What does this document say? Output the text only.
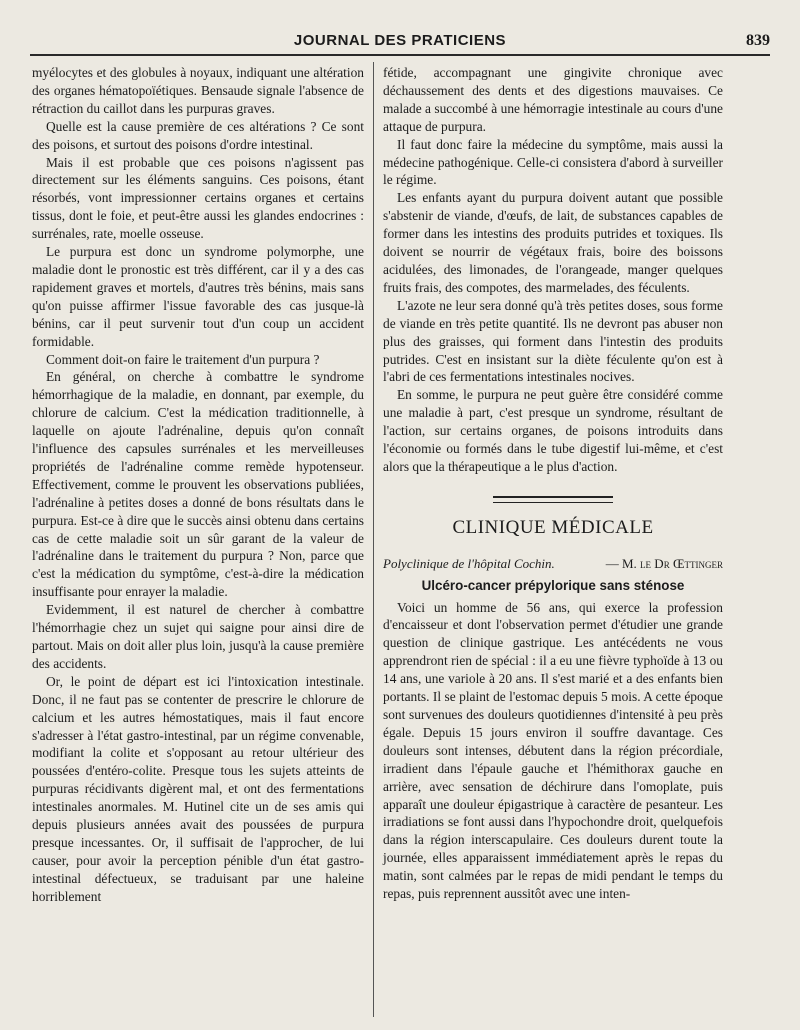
JOURNAL DES PRATICIENS	839

myélocytes et des globules à noyaux, indiquant une altération des organes hématopoïétiques. Bensaude signale l'absence de rétraction du caillot dans les purpuras graves.

Quelle est la cause première de ces altérations ? Ce sont des poisons, et surtout des poisons d'ordre intestinal.

Mais il est probable que ces poisons n'agissent pas directement sur les éléments sanguins. Ces poisons, étant résorbés, vont impressionner certains organes et certains tissus, dont le foie, et peut-être aussi les glandes endocrines : surrénales, rate, moelle osseuse.

Le purpura est donc un syndrome polymorphe, une maladie dont le pronostic est très différent, car il y a des cas rapidement graves et mortels, d'autres très bénins, mais sans qu'on puisse affirmer l'issue favorable des cas jusque-là bénins, car il peut survenir tout d'un coup un accident formidable.

Comment doit-on faire le traitement d'un purpura ?

En général, on cherche à combattre le syndrome hémorrhagique de la maladie, en donnant, par exemple, du chlorure de calcium. C'est la médication traditionnelle, à laquelle on ajoute l'adrénaline, depuis qu'on connaît l'influence des capsules surrénales et les merveilleuses propriétés de l'adrénaline comme remède hypotenseur. Effectivement, comme le prouvent les observations publiées, l'adrénaline à petites doses a donné de bons résultats dans le purpura. Est-ce à dire que le succès ainsi obtenu dans certains cas de cette maladie soit un sûr garant de la valeur de l'adrénaline dans le traitement du purpura ? Non, parce que c'est la médication du symptôme, c'est-à-dire la médication insuffisante pour enrayer la maladie.

Evidemment, il est naturel de chercher à combattre l'hémorrhagie chez un sujet qui saigne pour ainsi dire de partout. Mais on doit aller plus loin, jusqu'à la cause première des accidents.

Or, le point de départ est ici l'intoxication intestinale. Donc, il ne faut pas se contenter de prescrire le chlorure de calcium et les autres hémostatiques, mais il faut encore s'adresser à l'état gastro-intestinal, par un régime convenable, modifiant la colite et s'opposant au retour ultérieur des poussées d'entéro-colite. Presque tous les sujets atteints de purpuras récidivants digèrent mal, et ont des fermentations intestinales anormales. M. Hutinel cite un de ses amis qui depuis plusieurs années avait des poussées de purpura presque incessantes. Or, il suffisait de l'approcher, de lui causer, pour avoir la perception pénible d'un état gastro-intestinal défectueux, se traduisant par une haleine horriblement

fétide, accompagnant une gingivite chronique avec déchaussement des dents et des digestions mauvaises. Ce malade a succombé à une hémorragie intestinale au cours d'une attaque de purpura.

Il faut donc faire la médecine du symptôme, mais aussi la médecine pathogénique. Celle-ci consistera d'abord à surveiller le régime.

Les enfants ayant du purpura doivent autant que possible s'abstenir de viande, d'œufs, de lait, de substances capables de former dans les intestins des produits putrides et toxiques. Ils doivent se nourrir de végétaux frais, boire des boissons acidulées, des limonades, de l'orangeade, manger quelques fruits frais, des compotes, des marmelades, des féculents.

L'azote ne leur sera donné qu'à très petites doses, sous forme de viande en très petite quantité. Ils ne devront pas abuser non plus des graisses, qui forment dans l'intestin des produits putrides. C'est en insistant sur la diète féculente qu'on est à l'abri de ces fermentations intestinales nocives.

En somme, le purpura ne peut guère être considéré comme une maladie à part, c'est presque un syndrome, résultant de l'action, sur certains organes, de poisons introduits dans l'économie ou formés dans le tube digestif lui-même, et c'est alors que la thérapeutique a le plus d'action.

CLINIQUE MÉDICALE
Polyclinique de l'hôpital Cochin.	— M. le Dr Œttinger
Ulcéro-cancer prépylorique sans sténose

Voici un homme de 56 ans, qui exerce la profession d'encaisseur et dont l'observation permet d'étudier une grande question de clinique gastrique. Les antécédents ne vous apprendront rien de spécial : il a eu une fièvre typhoïde à 13 ou 14 ans, une variole à 20 ans. Il s'est marié et a des enfants bien portants. Il se plaint de l'estomac depuis 5 mois. A cette époque sont survenues des douleurs quotidiennes d'intensité à peu près égale. Depuis 15 jours environ il souffre davantage. Ces douleurs sont intenses, débutent dans la région précordiale, irradient dans l'épaule gauche et l'hémithorax gauche en arrière, avec sensation de déchirure dans l'omoplate, puis apparaît une douleur épigastrique à caractère de pesanteur. Les irradiations se font aussi dans l'hypochondre droit, quelquefois dans la région interscapulaire. Ces douleurs durent toute la journée, elles apparaissent immédiatement après le repas du matin, sont calmées par le repas de midi pendant le temps du repas, puis reprennent aussitôt avec une inten-
